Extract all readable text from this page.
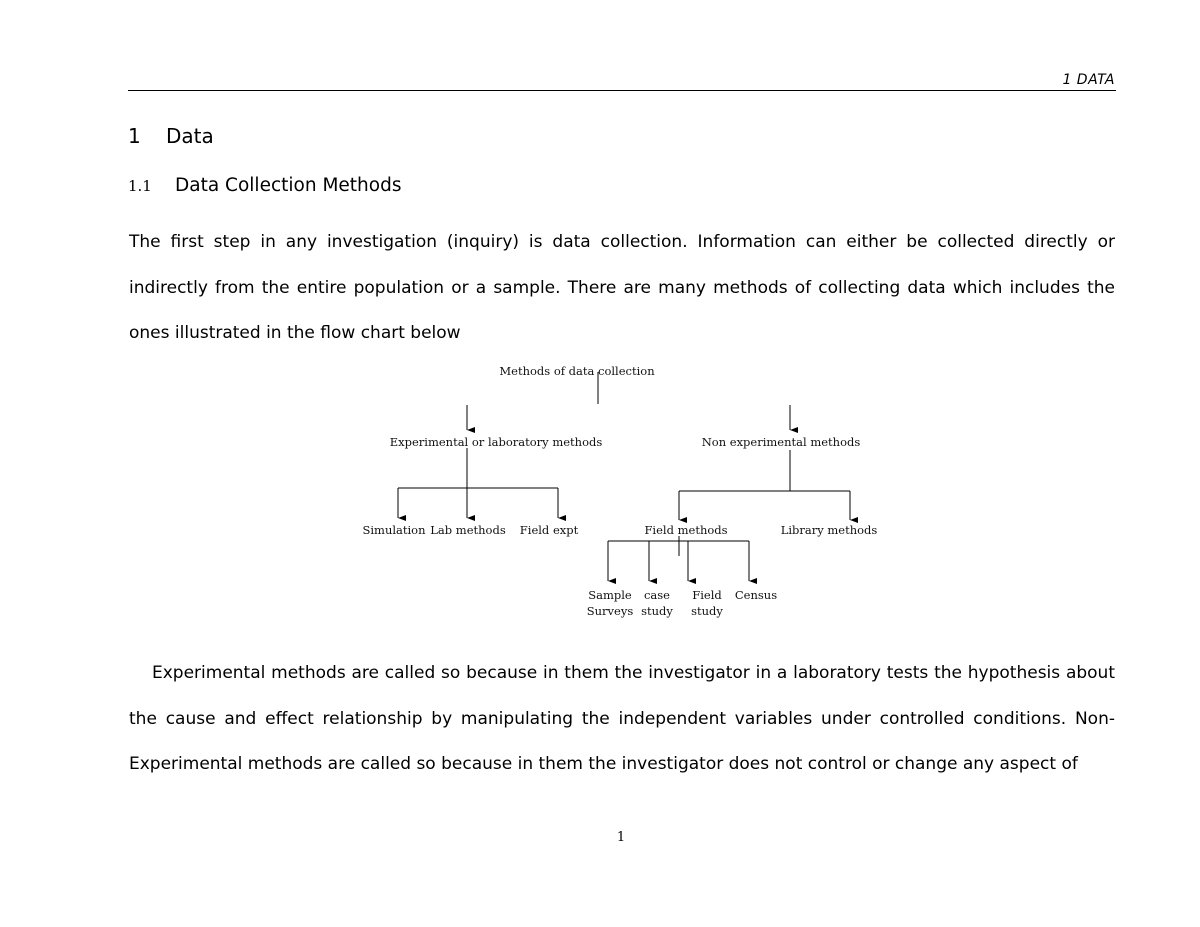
1 DATA
1 Data
1.1 Data Collection Methods

The first step in any investigation (inquiry) is data collection. Information can either be collected directly or indirectly from the entire population or a sample. There are many methods of collecting data which includes the ones illustrated in the flow chart below

Methods of data collection
Experimental or laboratory methods	Non experimental methods
Simulation Lab methods Field expt	Field methods	Library methods
Sample
Surveys
case
study
Field
study
Census

Experimental methods are called so because in them the investigator in a laboratory tests the hypothesis about the cause and effect relationship by manipulating the independent variables under controlled conditions. Non-Experimental methods are called so because in them the investigator does not control or change any aspect of

1
